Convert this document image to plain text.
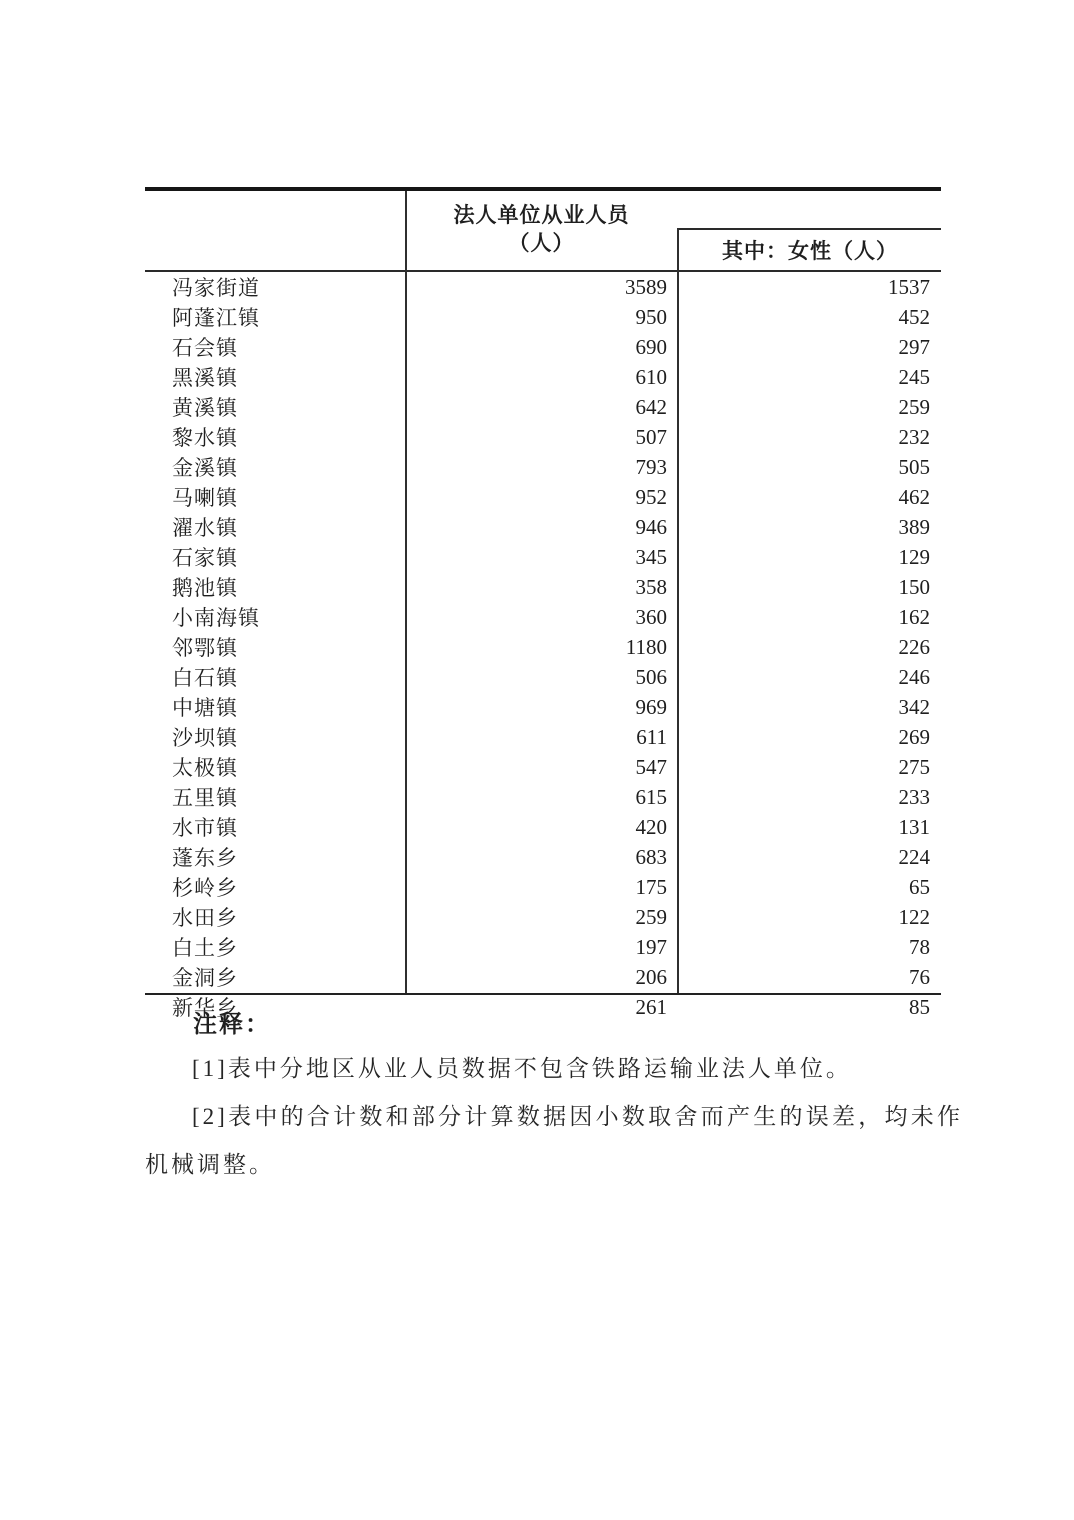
法人单位从业人员
（人）	其中：女性（人）
冯家街道	3589	1537
阿蓬江镇	950	452
石会镇	690	297
黑溪镇	610	245
黄溪镇	642	259
黎水镇	507	232
金溪镇	793	505
马喇镇	952	462
濯水镇	946	389
石家镇	345	129
鹅池镇	358	150
小南海镇	360	162
邻鄂镇	1180	226
白石镇	506	246
中塘镇	969	342
沙坝镇	611	269
太极镇	547	275
五里镇	615	233
水市镇	420	131
蓬东乡	683	224
杉岭乡	175	65
水田乡	259	122
白土乡	197	78
金洞乡	206	76
新华乡	261	85
注释：
[1]表中分地区从业人员数据不包含铁路运输业法人单位。
[2]表中的合计数和部分计算数据因小数取舍而产生的误差，均未作
机械调整。
